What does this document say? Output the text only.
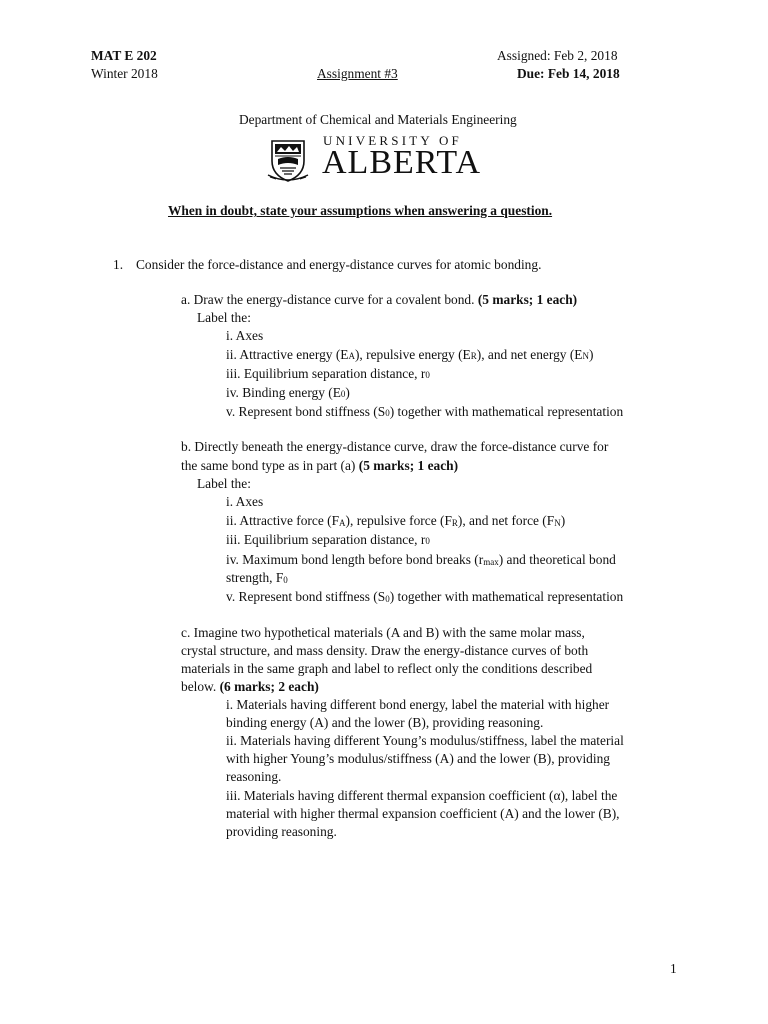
MAT E 202
Winter 2018	Assignment #3
Assigned: Feb 2, 2018
Due: Feb 14, 2018
Department of Chemical and Materials Engineering
UNIVERSITY OF
ALBERTA
When in doubt, state your assumptions when answering a question.
1. Consider the force-distance and energy-distance curves for atomic bonding.
a. Draw the energy-distance curve for a covalent bond. (5 marks; 1 each)
Label the:
i. Axes
ii. Attractive energy (EA), repulsive energy (ER), and net energy (EN)
iii. Equilibrium separation distance, r0
iv. Binding energy (E0)
v. Represent bond stiffness (S0) together with mathematical representation
b. Directly beneath the energy-distance curve, draw the force-distance curve for
the same bond type as in part (a) (5 marks; 1 each)
Label the:
i. Axes
ii. Attractive force $(F_A)$, repulsive force $(F_R)$, and net force $(F_N)$
iii. Equilibrium separation distance, r0
iv. Maximum bond length before bond breaks $(r_{max})$ and theoretical bond
strength, $F_0$
v. Represent bond stiffness $(S_0)$ together with mathematical representation
c. Imagine two hypothetical materials (A and B) with the same molar mass,
crystal structure, and mass density. Draw the energy-distance curves of both
materials in the same graph and label to reflect only the conditions described
below. (6 marks; 2 each)
i. Materials having different bond energy, label the material with higher
binding energy (A) and the lower (B), providing reasoning.
ii. Materials having different Young’s modulus/stiffness, label the material
with higher Young’s modulus/stiffness (A) and the lower (B), providing
reasoning.
iii. Materials having different thermal expansion coefficient (α), label the
material with higher thermal expansion coefficient (A) and the lower (B),
providing reasoning.
1
